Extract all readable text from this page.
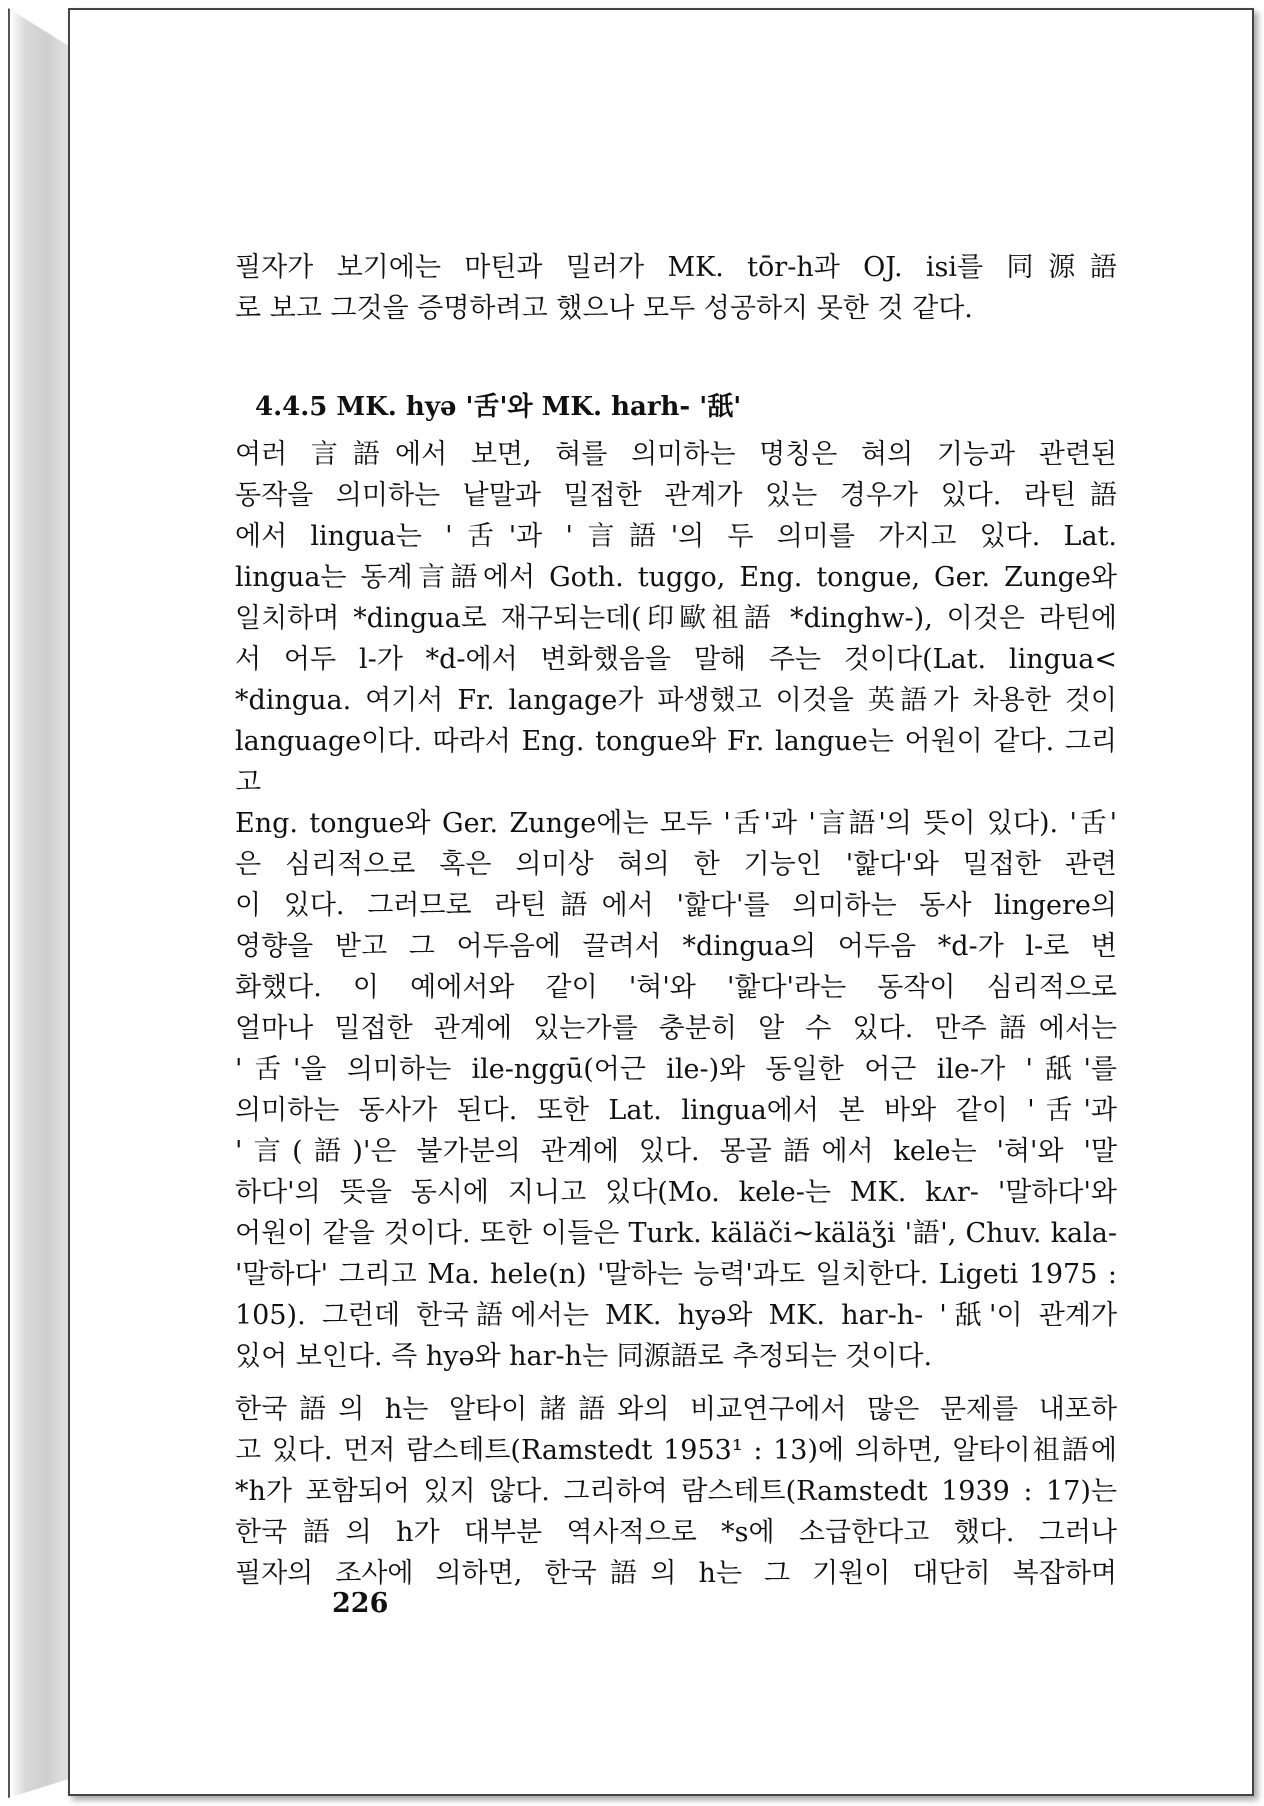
필자가 보기에는 마틴과 밀러가 MK. tōr-h과 OJ. isi를 同源語

로 보고 그것을 증명하려고 했으나 모두 성공하지 못한 것 같다.

4.4.5 MK. hyə '舌'와 MK. harh- '舐'

여러 言語에서 보면, 혀를 의미하는 명칭은 혀의 기능과 관련된
동작을 의미하는 낱말과 밀접한 관계가 있는 경우가 있다. 라틴語
에서 lingua는 '舌'과 '言語'의 두 의미를 가지고 있다. Lat.
lingua는 동계言語에서 Goth. tuggo, Eng. tongue, Ger. Zunge와
일치하며 *dingua로 재구되는데(印歐祖語 *dinghw-), 이것은 라틴에
서 어두 l-가 *d-에서 변화했음을 말해 주는 것이다(Lat. lingua<
*dingua. 여기서 Fr. langage가 파생했고 이것을 英語가 차용한 것이
language이다. 따라서 Eng. tongue와 Fr. langue는 어원이 같다. 그리고
Eng. tongue와 Ger. Zunge에는 모두 '舌'과 '言語'의 뜻이 있다). '舌'
은 심리적으로 혹은 의미상 혀의 한 기능인 '핥다'와 밀접한 관련
이 있다. 그러므로 라틴語에서 '핥다'를 의미하는 동사 lingere의
영향을 받고 그 어두음에 끌려서 *dingua의 어두음 *d-가 l-로 변
화했다. 이 예에서와 같이 '혀'와 '핥다'라는 동작이 심리적으로
얼마나 밀접한 관계에 있는가를 충분히 알 수 있다. 만주語에서는
'舌'을 의미하는 ile-nggū(어근 ile-)와 동일한 어근 ile-가 '舐'를
의미하는 동사가 된다. 또한 Lat. lingua에서 본 바와 같이 '舌'과
'言(語)'은 불가분의 관계에 있다. 몽골語에서 kele는 '혀'와 '말
하다'의 뜻을 동시에 지니고 있다(Mo. kele-는 MK. kʌr- '말하다'와
어원이 같을 것이다. 또한 이들은 Turk. käläči~käläǯi '語', Chuv. kala-
'말하다' 그리고 Ma. hele(n) '말하는 능력'과도 일치한다. Ligeti 1975 :
105). 그런데 한국語에서는 MK. hyə와 MK. har-h- '舐'이 관계가
있어 보인다. 즉 hyə와 har-h는 同源語로 추정되는 것이다.

한국語의 h는 알타이諸語와의 비교연구에서 많은 문제를 내포하
고 있다. 먼저 람스테트(Ramstedt 1953¹ : 13)에 의하면, 알타이祖語에
*h가 포함되어 있지 않다. 그리하여 람스테트(Ramstedt 1939 : 17)는
한국語의 h가 대부분 역사적으로 *s에 소급한다고 했다. 그러나
필자의 조사에 의하면, 한국語의 h는 그 기원이 대단히 복잡하며

226
